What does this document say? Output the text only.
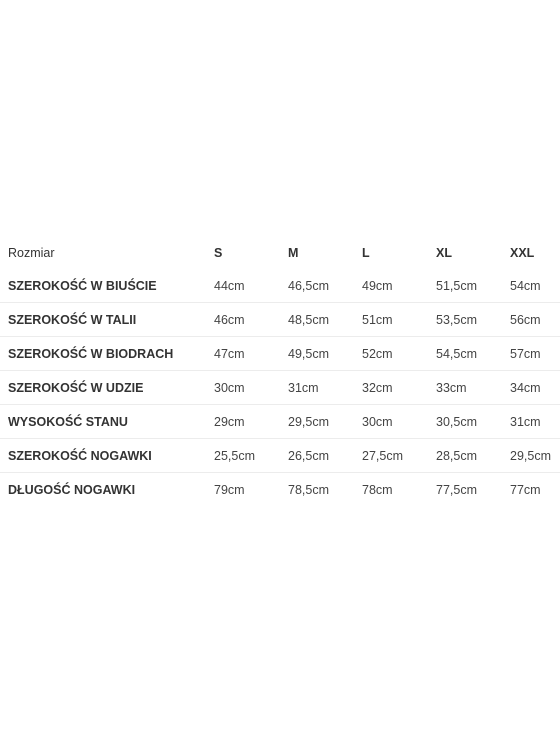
Rozmiar	S	M	L	XL	XXL
SZEROKOŚĆ W BIUŚCIE	44cm	46,5cm	49cm	51,5cm	54cm
SZEROKOŚĆ W TALII	46cm	48,5cm	51cm	53,5cm	56cm
SZEROKOŚĆ W BIODRACH	47cm	49,5cm	52cm	54,5cm	57cm
SZEROKOŚĆ W UDZIE	30cm	31cm	32cm	33cm	34cm
WYSOKOŚĆ STANU	29cm	29,5cm	30cm	30,5cm	31cm
SZEROKOŚĆ NOGAWKI	25,5cm	26,5cm	27,5cm	28,5cm	29,5cm
DŁUGOŚĆ NOGAWKI	79cm	78,5cm	78cm	77,5cm	77cm
